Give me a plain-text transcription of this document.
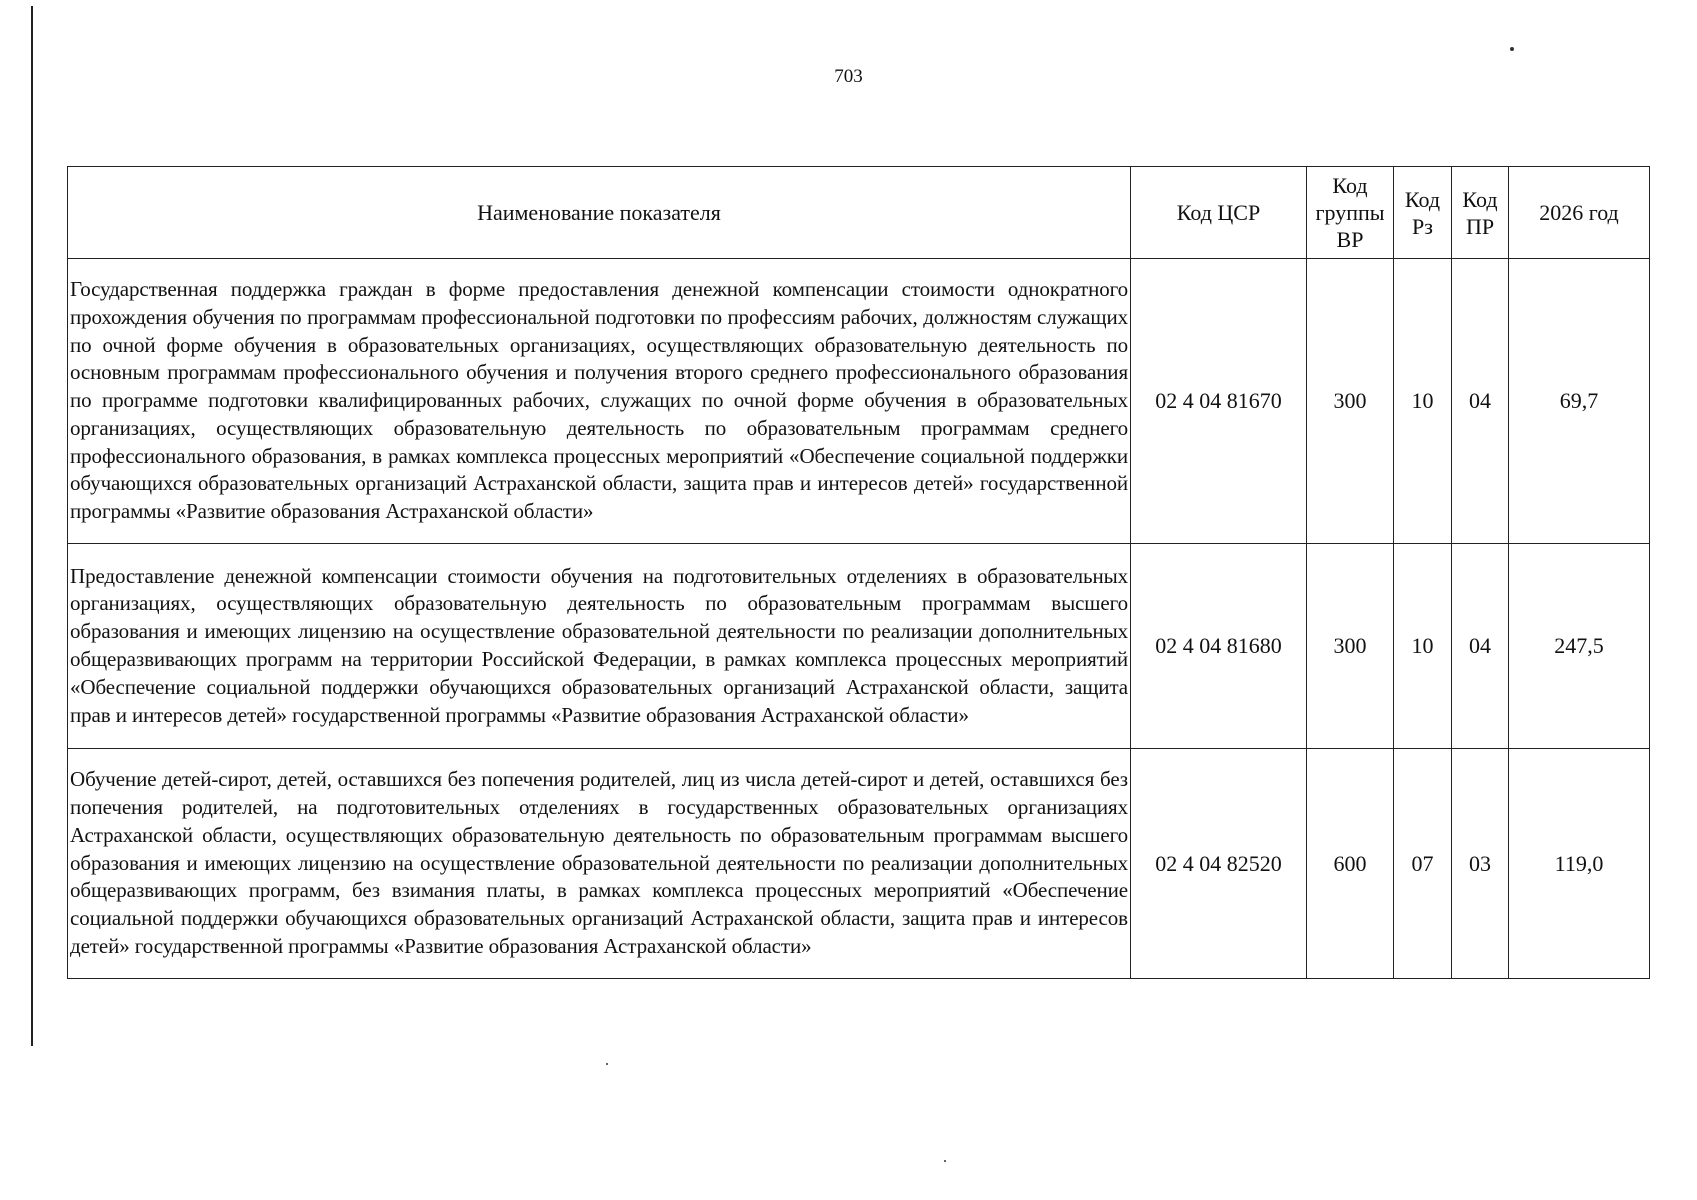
703
Наименование показателя	Код ЦСР	Код группы ВР	Код Рз	Код ПР	2026 год
Государственная поддержка граждан в форме предоставления денежной компенсации стоимости однократного прохождения обучения по программам профессиональной подготовки по профессиям рабочих, должностям служащих по очной форме обучения в образовательных организациях, осуществляющих образовательную деятельность по основным программам профессионального обучения и получения второго среднего профессионального образования по программе подготовки квалифицированных рабочих, служащих по очной форме обучения в образовательных организациях, осуществляющих образовательную деятельность по образовательным программам среднего профессионального образования, в рамках комплекса процессных мероприятий «Обеспечение социальной поддержки обучающихся образовательных организаций Астраханской области, защита прав и интересов детей» государственной программы «Развитие образования Астраханской области»	02 4 04 81670	300	10	04	69,7
Предоставление денежной компенсации стоимости обучения на подготовительных отделениях в образовательных организациях, осуществляющих образовательную деятельность по образовательным программам высшего образования и имеющих лицензию на осуществление образовательной деятельности по реализации дополнительных общеразвивающих программ на территории Российской Федерации, в рамках комплекса процессных мероприятий «Обеспечение социальной поддержки обучающихся образовательных организаций Астраханской области, защита прав и интересов детей» государственной программы «Развитие образования Астраханской области»	02 4 04 81680	300	10	04	247,5
Обучение детей-сирот, детей, оставшихся без попечения родителей, лиц из числа детей-сирот и детей, оставшихся без попечения родителей, на подготовительных отделениях в государственных образовательных организациях Астраханской области, осуществляющих образовательную деятельность по образовательным программам высшего образования и имеющих лицензию на осуществление образовательной деятельности по реализации дополнительных общеразвивающих программ, без взимания платы, в рамках комплекса процессных мероприятий «Обеспечение социальной поддержки обучающихся образовательных организаций Астраханской области, защита прав и интересов детей» государственной программы «Развитие образования Астраханской области»	02 4 04 82520	600	07	03	119,0
